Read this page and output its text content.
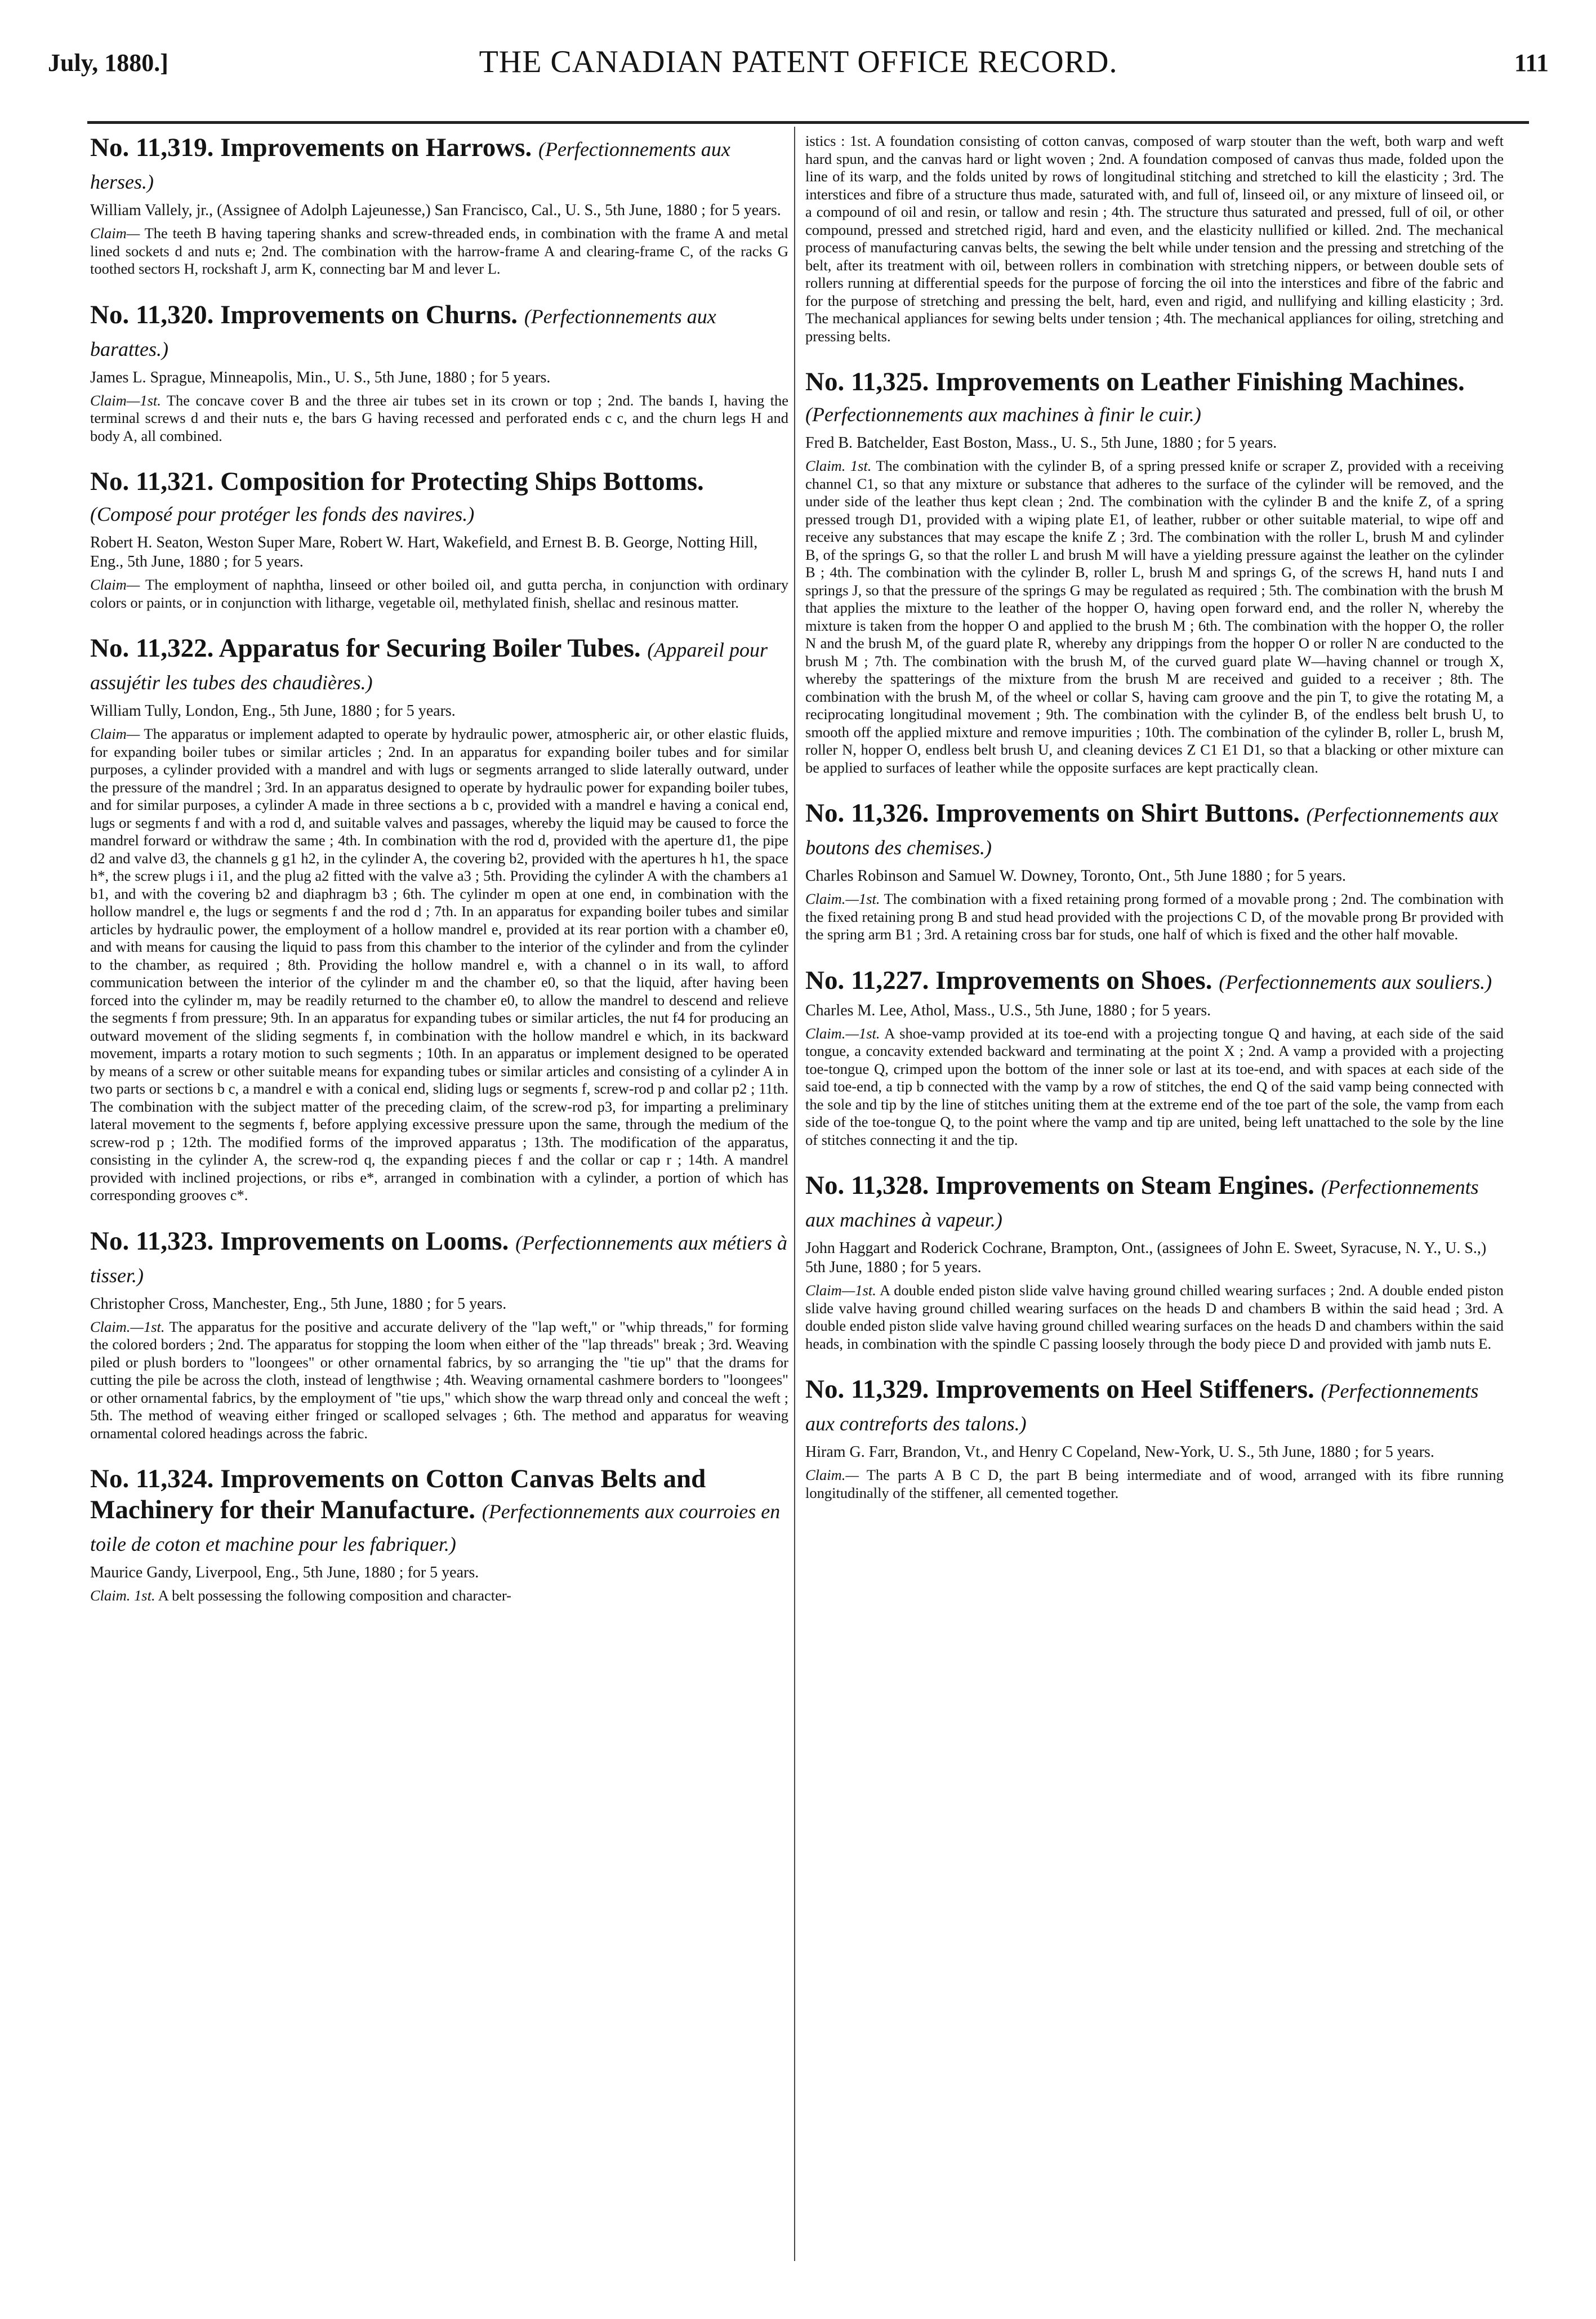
July, 1880.]	THE CANADIAN PATENT OFFICE RECORD.	111
No. 11,319. Improvements on Harrows. (Perfectionnements aux herses.)
William Vallely, jr., (Assignee of Adolph Lajeunesse,) San Francisco, Cal., U. S., 5th June, 1880 ; for 5 years.

Claim— The teeth B having tapering shanks and screw-threaded ends, in combination with the frame A and metal lined sockets d and nuts e; 2nd. The combination with the harrow-frame A and clearing-frame C, of the racks G toothed sectors H, rockshaft J, arm K, connecting bar M and lever L.

No. 11,320. Improvements on Churns. (Perfectionnements aux barattes.)
James L. Sprague, Minneapolis, Min., U. S., 5th June, 1880 ; for 5 years.

Claim—1st. The concave cover B and the three air tubes set in its crown or top ; 2nd. The bands I, having the terminal screws d and their nuts e, the bars G having recessed and perforated ends c c, and the churn legs H and body A, all combined.

No. 11,321. Composition for Protecting Ships Bottoms. (Composé pour protéger les fonds des navires.)
Robert H. Seaton, Weston Super Mare, Robert W. Hart, Wakefield, and Ernest B. B. George, Notting Hill, Eng., 5th June, 1880 ; for 5 years.

Claim— The employment of naphtha, linseed or other boiled oil, and gutta percha, in conjunction with ordinary colors or paints, or in conjunction with litharge, vegetable oil, methylated finish, shellac and resinous matter.

No. 11,322. Apparatus for Securing Boiler Tubes. (Appareil pour assujétir les tubes des chaudières.)
William Tully, London, Eng., 5th June, 1880 ; for 5 years.

Claim— The apparatus or implement adapted to operate by hydraulic power, atmospheric air, or other elastic fluids, for expanding boiler tubes or similar articles ; 2nd. In an apparatus for expanding boiler tubes and for similar purposes, a cylinder provided with a mandrel and with lugs or segments arranged to slide laterally outward, under the pressure of the mandrel ; 3rd. In an apparatus designed to operate by hydraulic power for expanding boiler tubes, and for similar purposes, a cylinder A made in three sections a b c, provided with a mandrel e having a conical end, lugs or segments f and with a rod d, and suitable valves and passages, whereby the liquid may be caused to force the mandrel forward or withdraw the same ; 4th. In combination with the rod d, provided with the aperture d1, the pipe d2 and valve d3, the channels g g1 h2, in the cylinder A, the covering b2, provided with the apertures h h1, the space h*, the screw plugs i i1, and the plug a2 fitted with the valve a3 ; 5th. Providing the cylinder A with the chambers a1 b1, and with the covering b2 and diaphragm b3 ; 6th. The cylinder m open at one end, in combination with the hollow mandrel e, the lugs or segments f and the rod d ; 7th. In an apparatus for expanding boiler tubes and similar articles by hydraulic power, the employment of a hollow mandrel e, provided at its rear portion with a chamber e0, and with means for causing the liquid to pass from this chamber to the interior of the cylinder and from the cylinder to the chamber, as required ; 8th. Providing the hollow mandrel e, with a channel o in its wall, to afford communication between the interior of the cylinder m and the chamber e0, so that the liquid, after having been forced into the cylinder m, may be readily returned to the chamber e0, to allow the mandrel to descend and relieve the segments f from pressure; 9th. In an apparatus for expanding tubes or similar articles, the nut f4 for producing an outward movement of the sliding segments f, in combination with the hollow mandrel e which, in its backward movement, imparts a rotary motion to such segments ; 10th. In an apparatus or implement designed to be operated by means of a screw or other suitable means for expanding tubes or similar articles and consisting of a cylinder A in two parts or sections b c, a mandrel e with a conical end, sliding lugs or segments f, screw-rod p and collar p2 ; 11th. The combination with the subject matter of the preceding claim, of the screw-rod p3, for imparting a preliminary lateral movement to the segments f, before applying excessive pressure upon the same, through the medium of the screw-rod p ; 12th. The modified forms of the improved apparatus ; 13th. The modification of the apparatus, consisting in the cylinder A, the screw-rod q, the expanding pieces f and the collar or cap r ; 14th. A mandrel provided with inclined projections, or ribs e*, arranged in combination with a cylinder, a portion of which has corresponding grooves c*.

No. 11,323. Improvements on Looms. (Perfectionnements aux métiers à tisser.)
Christopher Cross, Manchester, Eng., 5th June, 1880 ; for 5 years.

Claim.—1st. The apparatus for the positive and accurate delivery of the "lap weft," or "whip threads," for forming the colored borders ; 2nd. The apparatus for stopping the loom when either of the "lap threads" break ; 3rd. Weaving piled or plush borders to "loongees" or other ornamental fabrics, by so arranging the "tie up" that the drams for cutting the pile be across the cloth, instead of lengthwise ; 4th. Weaving ornamental cashmere borders to "loongees" or other ornamental fabrics, by the employment of "tie ups," which show the warp thread only and conceal the weft ; 5th. The method of weaving either fringed or scalloped selvages ; 6th. The method and apparatus for weaving ornamental colored headings across the fabric.

No. 11,324. Improvements on Cotton Canvas Belts and Machinery for their Manufacture. (Perfectionnements aux courroies en toile de coton et machine pour les fabriquer.)
Maurice Gandy, Liverpool, Eng., 5th June, 1880 ; for 5 years.

Claim. 1st. A belt possessing the following composition and character-

istics : 1st. A foundation consisting of cotton canvas, composed of warp stouter than the weft, both warp and weft hard spun, and the canvas hard or light woven ; 2nd. A foundation composed of canvas thus made, folded upon the line of its warp, and the folds united by rows of longitudinal stitching and stretched to kill the elasticity ; 3rd. The interstices and fibre of a structure thus made, saturated with, and full of, linseed oil, or any mixture of linseed oil, or a compound of oil and resin, or tallow and resin ; 4th. The structure thus saturated and pressed, full of oil, or other compound, pressed and stretched rigid, hard and even, and the elasticity nullified or killed. 2nd. The mechanical process of manufacturing canvas belts, the sewing the belt while under tension and the pressing and stretching of the belt, after its treatment with oil, between rollers in combination with stretching nippers, or between double sets of rollers running at differential speeds for the purpose of forcing the oil into the interstices and fibre of the fabric and for the purpose of stretching and pressing the belt, hard, even and rigid, and nullifying and killing elasticity ; 3rd. The mechanical appliances for sewing belts under tension ; 4th. The mechanical appliances for oiling, stretching and pressing belts.

No. 11,325. Improvements on Leather Finishing Machines. (Perfectionnements aux machines à finir le cuir.)
Fred B. Batchelder, East Boston, Mass., U. S., 5th June, 1880 ; for 5 years.

Claim. 1st. The combination with the cylinder B, of a spring pressed knife or scraper Z, provided with a receiving channel C1, so that any mixture or substance that adheres to the surface of the cylinder will be removed, and the under side of the leather thus kept clean ; 2nd. The combination with the cylinder B and the knife Z, of a spring pressed trough D1, provided with a wiping plate E1, of leather, rubber or other suitable material, to wipe off and receive any substances that may escape the knife Z ; 3rd. The combination with the roller L, brush M and cylinder B, of the springs G, so that the roller L and brush M will have a yielding pressure against the leather on the cylinder B ; 4th. The combination with the cylinder B, roller L, brush M and springs G, of the screws H, hand nuts I and springs J, so that the pressure of the springs G may be regulated as required ; 5th. The combination with the brush M that applies the mixture to the leather of the hopper O, having open forward end, and the roller N, whereby the mixture is taken from the hopper O and applied to the brush M ; 6th. The combination with the hopper O, the roller N and the brush M, of the guard plate R, whereby any drippings from the hopper O or roller N are conducted to the brush M ; 7th. The combination with the brush M, of the curved guard plate W—having channel or trough X, whereby the spatterings of the mixture from the brush M are received and guided to a receiver ; 8th. The combination with the brush M, of the wheel or collar S, having cam groove and the pin T, to give the rotating M, a reciprocating longitudinal movement ; 9th. The combination with the cylinder B, of the endless belt brush U, to smooth off the applied mixture and remove impurities ; 10th. The combination of the cylinder B, roller L, brush M, roller N, hopper O, endless belt brush U, and cleaning devices Z C1 E1 D1, so that a blacking or other mixture can be applied to surfaces of leather while the opposite surfaces are kept practically clean.

No. 11,326. Improvements on Shirt Buttons. (Perfectionnements aux boutons des chemises.)
Charles Robinson and Samuel W. Downey, Toronto, Ont., 5th June 1880 ; for 5 years.

Claim.—1st. The combination with a fixed retaining prong formed of a movable prong ; 2nd. The combination with the fixed retaining prong B and stud head provided with the projections C D, of the movable prong Br provided with the spring arm B1 ; 3rd. A retaining cross bar for studs, one half of which is fixed and the other half movable.

No. 11,227. Improvements on Shoes. (Perfectionnements aux souliers.)
Charles M. Lee, Athol, Mass., U.S., 5th June, 1880 ; for 5 years.

Claim.—1st. A shoe-vamp provided at its toe-end with a projecting tongue Q and having, at each side of the said tongue, a concavity extended backward and terminating at the point X ; 2nd. A vamp a provided with a projecting toe-tongue Q, crimped upon the bottom of the inner sole or last at its toe-end, and with spaces at each side of the said toe-end, a tip b connected with the vamp by a row of stitches, the end Q of the said vamp being connected with the sole and tip by the line of stitches uniting them at the extreme end of the toe part of the sole, the vamp from each side of the toe-tongue Q, to the point where the vamp and tip are united, being left unattached to the sole by the line of stitches connecting it and the tip.

No. 11,328. Improvements on Steam Engines. (Perfectionnements aux machines à vapeur.)
John Haggart and Roderick Cochrane, Brampton, Ont., (assignees of John E. Sweet, Syracuse, N. Y., U. S.,) 5th June, 1880 ; for 5 years.

Claim—1st. A double ended piston slide valve having ground chilled wearing surfaces ; 2nd. A double ended piston slide valve having ground chilled wearing surfaces on the heads D and chambers B within the said head ; 3rd. A double ended piston slide valve having ground chilled wearing surfaces on the heads D and chambers within the said heads, in combination with the spindle C passing loosely through the body piece D and provided with jamb nuts E.

No. 11,329. Improvements on Heel Stiffeners. (Perfectionnements aux contreforts des talons.)
Hiram G. Farr, Brandon, Vt., and Henry C Copeland, New-York, U. S., 5th June, 1880 ; for 5 years.

Claim.— The parts A B C D, the part B being intermediate and of wood, arranged with its fibre running longitudinally of the stiffener, all cemented together.
